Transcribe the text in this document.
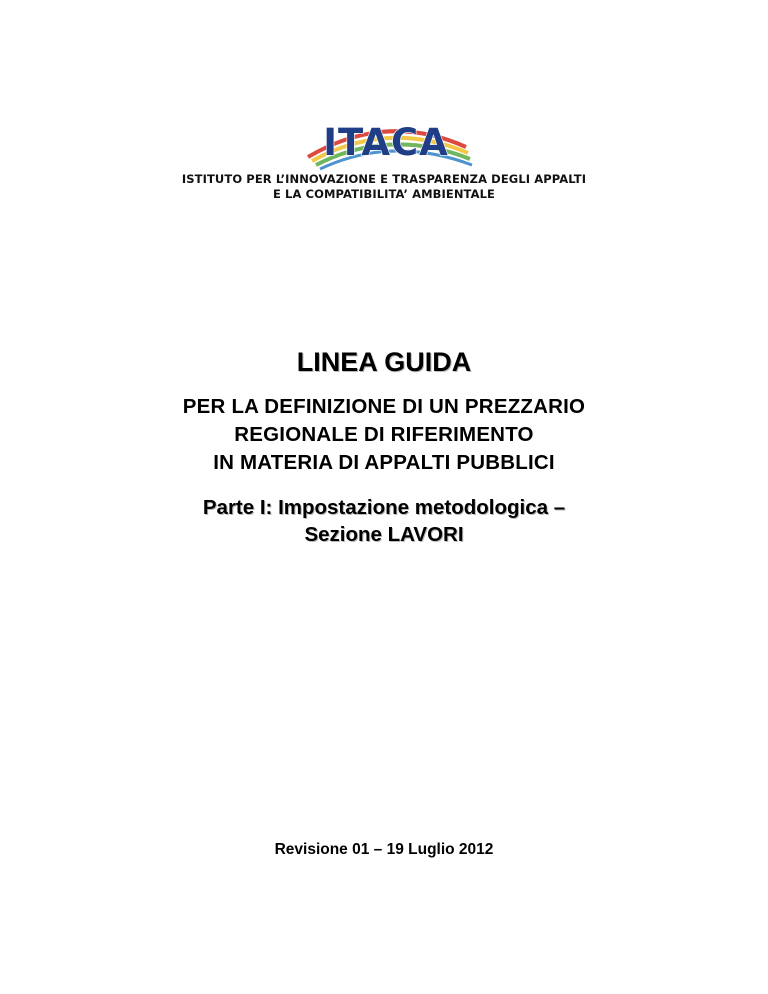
ITACA
ISTITUTO PER L’INNOVAZIONE E TRASPARENZA DEGLI APPALTI
E LA COMPATIBILITA’ AMBIENTALE
LINEA GUIDA
PER LA DEFINIZIONE DI UN PREZZARIO
REGIONALE DI RIFERIMENTO
IN MATERIA DI APPALTI PUBBLICI
Parte I: Impostazione metodologica –
Sezione LAVORI
Revisione 01 – 19 Luglio 2012
